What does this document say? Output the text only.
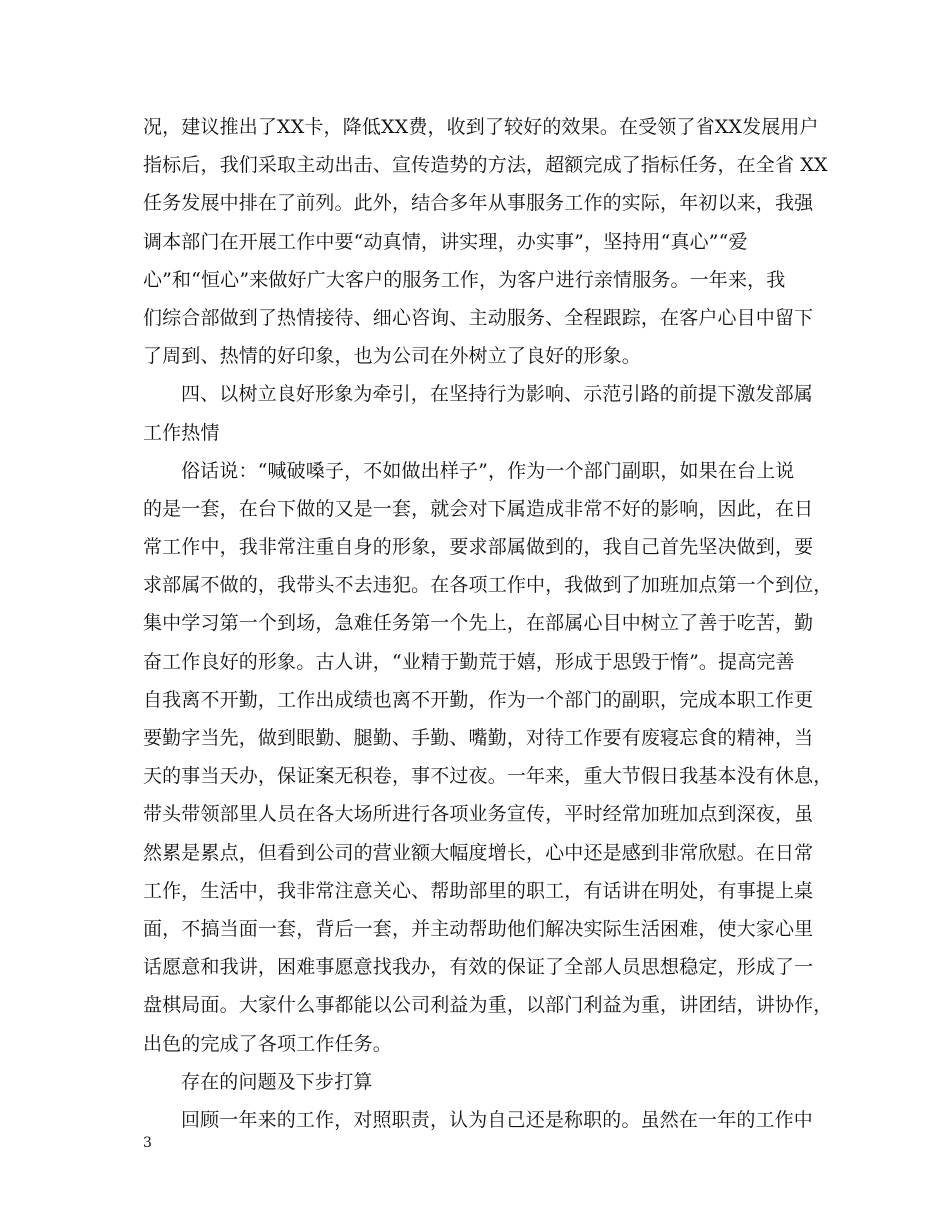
况，建议推出了XX卡，降低XX费，收到了较好的效果。在受领了省XX发展用户
指标后，我们采取主动出击、宣传造势的方法，超额完成了指标任务，在全省 XX
任务发展中排在了前列。此外，结合多年从事服务工作的实际，年初以来，我强
调本部门在开展工作中要“动真情，讲实理，办实事”，坚持用“真心”“爱
心”和“恒心”来做好广大客户的服务工作，为客户进行亲情服务。一年来，我
们综合部做到了热情接待、细心咨询、主动服务、全程跟踪，在客户心目中留下
了周到、热情的好印象，也为公司在外树立了良好的形象。
四、以树立良好形象为牵引，在坚持行为影响、示范引路的前提下激发部属
工作热情
俗话说：“喊破嗓子，不如做出样子”，作为一个部门副职，如果在台上说
的是一套，在台下做的又是一套，就会对下属造成非常不好的影响，因此，在日
常工作中，我非常注重自身的形象，要求部属做到的，我自己首先坚决做到，要
求部属不做的，我带头不去违犯。在各项工作中，我做到了加班加点第一个到位，
集中学习第一个到场，急难任务第一个先上，在部属心目中树立了善于吃苦，勤
奋工作良好的形象。古人讲，“业精于勤荒于嬉，形成于思毁于惰”。提高完善
自我离不开勤，工作出成绩也离不开勤，作为一个部门的副职，完成本职工作更
要勤字当先，做到眼勤、腿勤、手勤、嘴勤，对待工作要有废寝忘食的精神，当
天的事当天办，保证案无积卷，事不过夜。一年来，重大节假日我基本没有休息，
带头带领部里人员在各大场所进行各项业务宣传，平时经常加班加点到深夜，虽
然累是累点，但看到公司的营业额大幅度增长，心中还是感到非常欣慰。在日常
工作，生活中，我非常注意关心、帮助部里的职工，有话讲在明处，有事提上桌
面，不搞当面一套，背后一套，并主动帮助他们解决实际生活困难，使大家心里
话愿意和我讲，困难事愿意找我办，有效的保证了全部人员思想稳定，形成了一
盘棋局面。大家什么事都能以公司利益为重，以部门利益为重，讲团结，讲协作，
出色的完成了各项工作任务。
存在的问题及下步打算
回顾一年来的工作，对照职责，认为自己还是称职的。虽然在一年的工作中
3
